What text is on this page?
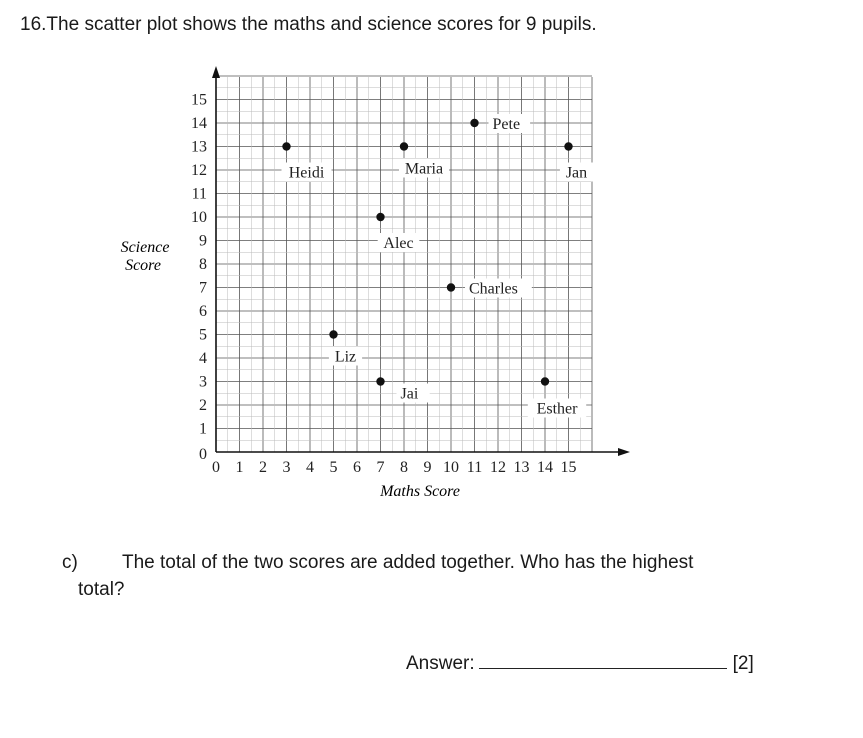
16.The scatter plot shows the maths and science scores for 9 pupils.
0 1 2 3 4 5 6 7 8 9 10 11 12 13 14 15
0
1
2
3
4
5
6
7
8
9
10
11
12
13
14
15
Heidi	Maria
Pete
Jan
Alec
Charles
Liz
Jai
Esther
Maths Score
Science
Score
c) The total of the two scores are added together. Who has the highest
total?
Answer:	[2]
